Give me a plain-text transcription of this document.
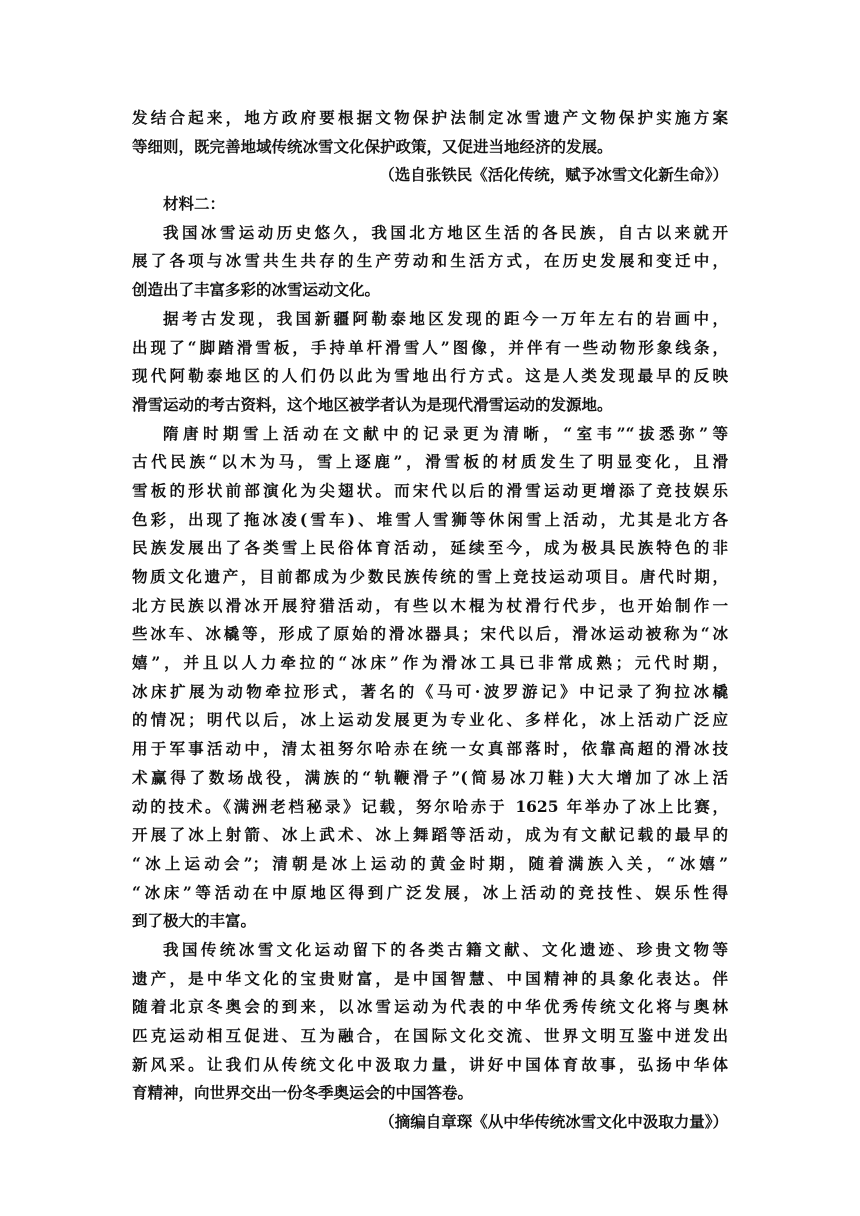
发结合起来，地方政府要根据文物保护法制定冰雪遗产文物保护实施方案
等细则，既完善地域传统冰雪文化保护政策，又促进当地经济的发展。
（选自张铁民《活化传统，赋予冰雪文化新生命》）
材料二：
我国冰雪运动历史悠久，我国北方地区生活的各民族，自古以来就开
展了各项与冰雪共生共存的生产劳动和生活方式，在历史发展和变迁中，
创造出了丰富多彩的冰雪运动文化。
据考古发现，我国新疆阿勒泰地区发现的距今一万年左右的岩画中，
出现了“脚踏滑雪板，手持单杆滑雪人”图像，并伴有一些动物形象线条，
现代阿勒泰地区的人们仍以此为雪地出行方式。这是人类发现最早的反映
滑雪运动的考古资料，这个地区被学者认为是现代滑雪运动的发源地。
隋唐时期雪上活动在文献中的记录更为清晰，“室韦”“拔悉弥”等
古代民族“以木为马，雪上逐鹿”，滑雪板的材质发生了明显变化，且滑
雪板的形状前部演化为尖翅状。而宋代以后的滑雪运动更增添了竞技娱乐
色彩，出现了拖冰凌(雪车)、堆雪人雪狮等休闲雪上活动，尤其是北方各
民族发展出了各类雪上民俗体育活动，延续至今，成为极具民族特色的非
物质文化遗产，目前都成为少数民族传统的雪上竞技运动项目。唐代时期，
北方民族以滑冰开展狩猎活动，有些以木棍为杖滑行代步，也开始制作一
些冰车、冰橇等，形成了原始的滑冰器具；宋代以后，滑冰运动被称为“冰
嬉”，并且以人力牵拉的“冰床”作为滑冰工具已非常成熟；元代时期，
冰床扩展为动物牵拉形式，著名的《马可·波罗游记》中记录了狗拉冰橇
的情况；明代以后，冰上运动发展更为专业化、多样化，冰上活动广泛应
用于军事活动中，清太祖努尔哈赤在统一女真部落时，依靠高超的滑冰技
术赢得了数场战役，满族的“轨鞭滑子”(简易冰刀鞋)大大增加了冰上活
动的技术。《满洲老档秘录》记载，努尔哈赤于 1625 年举办了冰上比赛，
开展了冰上射箭、冰上武术、冰上舞蹈等活动，成为有文献记载的最早的
“冰上运动会”；清朝是冰上运动的黄金时期，随着满族入关，“冰嬉”
“冰床”等活动在中原地区得到广泛发展，冰上活动的竞技性、娱乐性得
到了极大的丰富。
我国传统冰雪文化运动留下的各类古籍文献、文化遗迹、珍贵文物等
遗产，是中华文化的宝贵财富，是中国智慧、中国精神的具象化表达。伴
随着北京冬奥会的到来，以冰雪运动为代表的中华优秀传统文化将与奥林
匹克运动相互促进、互为融合，在国际文化交流、世界文明互鉴中迸发出
新风采。让我们从传统文化中汲取力量，讲好中国体育故事，弘扬中华体
育精神，向世界交出一份冬季奥运会的中国答卷。
（摘编自章琛《从中华传统冰雪文化中汲取力量》）
